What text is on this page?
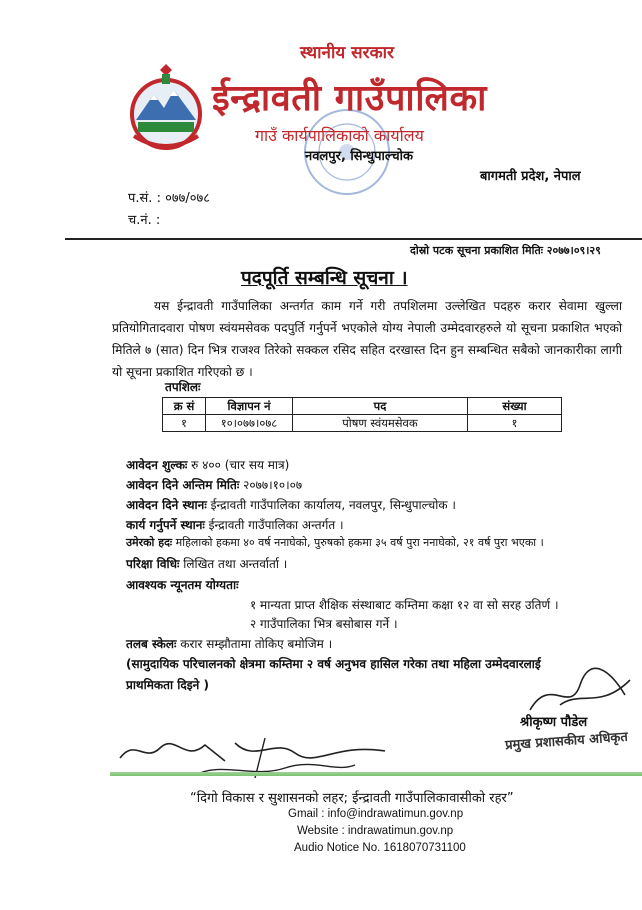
स्थानीय सरकार
ईन्द्रावती गाउँपालिका
गाउँ कार्यपालिकाको कार्यालय
नवलपुर, सिन्धुपाल्चोक
बागमती प्रदेश, नेपाल
प.सं. : ०७७/०७८
च.नं. :
दोस्रो पटक सूचना प्रकाशित मितिः २०७७।०९।२९
पदपूर्ति सम्बन्धि सूचना ।
यस ईन्द्रावती गाउँपालिका अन्तर्गत काम गर्ने गरी तपशिलमा उल्लेखित पदहरु करार सेवामा खुल्ला प्रतियोगितादवारा पोषण स्वंयमसेवक पदपुर्ति गर्नुपर्ने भएकोले योग्य नेपाली उम्मेदवारहरुले यो सूचना प्रकाशित भएको मितिले ७ (सात) दिन भित्र राजश्व तिरेको सक्कल रसिद सहित दरखास्त दिन हुन सम्बन्धित सबैको जानकारीका लागी यो सूचना प्रकाशित गरिएको छ ।
तपशिलः
क्र सं	विज्ञापन नं	पद	संख्या
१	१०।०७७।०७८	पोषण स्वंयमसेवक	१
आवेदन शुल्कः रु ४०० (चार सय मात्र)
आवेदन दिने अन्तिम मितिः २०७७।१०।०७
आवेदन दिने स्थानः ईन्द्रावती गाउँपालिका कार्यालय, नवलपुर, सिन्धुपाल्चोक ।
कार्य गर्नुपर्ने स्थानः ईन्द्रावती गाउँपालिका अन्तर्गत ।
उमेरको हदः महिलाको हकमा ४० वर्ष ननाघेको, पुरुषको हकमा ३५ वर्ष पुरा ननाघेको, २१ वर्ष पुरा भएका ।
परिक्षा विधिः लिखित तथा अन्तर्वार्ता ।
आवश्यक न्यूनतम योग्यताः
१ मान्यता प्राप्त शैक्षिक संस्थाबाट कम्तिमा कक्षा १२ वा सो सरह उतिर्ण ।
२ गाउँपालिका भित्र बसोबास गर्ने ।
तलब स्केलः करार सम्झौतामा तोकिए बमोजिम ।
(सामुदायिक परिचालनको क्षेत्रमा कम्तिमा २ वर्ष अनुभव हासिल गरेका तथा महिला उम्मेदवारलाई प्राथमिकता दिइने )
श्रीकृष्ण पौडेल
प्रमुख प्रशासकीय अधिकृत
“दिगो विकास र सुशासनको लहर; ईन्द्रावती गाउँपालिकावासीको रहर”
Gmail : info@indrawatimun.gov.np
Website : indrawatimun.gov.np
Audio Notice No. 1618070731100
